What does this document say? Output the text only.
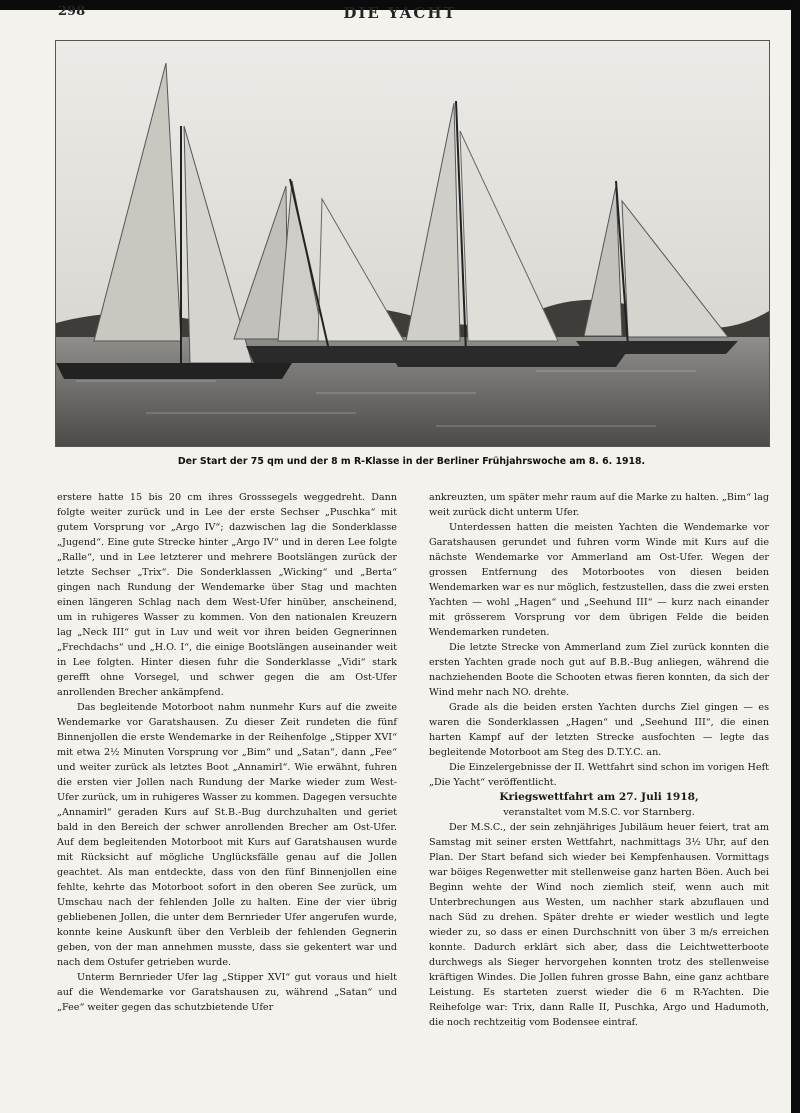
298	DIE YACHT
Der Start der 75 qm und der 8 m R-Klasse in der Berliner Frühjahrswoche am 8. 6. 1918.

erstere hatte 15 bis 20 cm ihres Grosssegels weggedreht. Dann folgte weiter zurück und in Lee der erste Sechser „Puschka“ mit gutem Vorsprung vor „Argo IV“; dazwischen lag die Sonderklasse „Jugend“. Eine gute Strecke hinter „Argo IV“ und in deren Lee folgte „Ralle“, und in Lee letzterer und mehrere Bootslängen zurück der letzte Sechser „Trix“. Die Sonderklassen „Wicking“ und „Berta“ gingen nach Rundung der Wendemarke über Stag und machten einen längeren Schlag nach dem West-Ufer hinüber, anscheinend, um in ruhigeres Wasser zu kommen. Von den nationalen Kreuzern lag „Neck III“ gut in Luv und weit vor ihren beiden Gegnerinnen „Frechdachs“ und „H.O. I“, die einige Bootslängen auseinander weit in Lee folgten. Hinter diesen fuhr die Sonderklasse „Vidi“ stark gerefft ohne Vorsegel, und schwer gegen die am Ost-Ufer anrollenden Brecher ankämpfend.

Das begleitende Motorboot nahm nunmehr Kurs auf die zweite Wendemarke vor Garatshausen. Zu dieser Zeit rundeten die fünf Binnenjollen die erste Wendemarke in der Reihenfolge „Stipper XVI“ mit etwa 2½ Minuten Vorsprung vor „Bim“ und „Satan“, dann „Fee“ und weiter zurück als letztes Boot „Annamirl“. Wie erwähnt, fuhren die ersten vier Jollen nach Rundung der Marke wieder zum West-Ufer zurück, um in ruhigeres Wasser zu kommen. Dagegen versuchte „Annamirl“ geraden Kurs auf St.B.-Bug durchzuhalten und geriet bald in den Bereich der schwer anrollenden Brecher am Ost-Ufer. Auf dem begleitenden Motorboot mit Kurs auf Garatshausen wurde mit Rücksicht auf mögliche Unglücksfälle genau auf die Jollen geachtet. Als man entdeckte, dass von den fünf Binnenjollen eine fehlte, kehrte das Motorboot sofort in den oberen See zurück, um Umschau nach der fehlenden Jolle zu halten. Eine der vier übrig gebliebenen Jollen, die unter dem Bernrieder Ufer angerufen wurde, konnte keine Auskunft über den Verbleib der fehlenden Gegnerin geben, von der man annehmen musste, dass sie gekentert war und nach dem Ostufer getrieben wurde.

Unterm Bernrieder Ufer lag „Stipper XVI“ gut voraus und hielt auf die Wendemarke vor Garatshausen zu, während „Satan“ und „Fee“ weiter gegen das schutzbietende Ufer

ankreuzten, um später mehr raum auf die Marke zu halten. „Bim“ lag weit zurück dicht unterm Ufer.

Unterdessen hatten die meisten Yachten die Wendemarke vor Garatshausen gerundet und fuhren vorm Winde mit Kurs auf die nächste Wendemarke vor Ammerland am Ost-Ufer. Wegen der grossen Entfernung des Motorbootes von diesen beiden Wendemarken war es nur möglich, festzustellen, dass die zwei ersten Yachten — wohl „Hagen“ und „Seehund III“ — kurz nach einander mit grösserem Vorsprung vor dem übrigen Felde die beiden Wendemarken rundeten.

Die letzte Strecke von Ammerland zum Ziel zurück konnten die ersten Yachten grade noch gut auf B.B.-Bug anliegen, während die nachziehenden Boote die Schooten etwas fieren konnten, da sich der Wind mehr nach NO. drehte.

Grade als die beiden ersten Yachten durchs Ziel gingen — es waren die Sonderklassen „Hagen“ und „Seehund III“, die einen harten Kampf auf der letzten Strecke ausfochten — legte das begleitende Motorboot am Steg des D.T.Y.C. an.

Die Einzelergebnisse der II. Wettfahrt sind schon im vorigen Heft „Die Yacht“ veröffentlicht.

Kriegswettfahrt am 27. Juli 1918,
veranstaltet vom M.S.C. vor Starnberg.

Der M.S.C., der sein zehnjähriges Jubiläum heuer feiert, trat am Samstag mit seiner ersten Wettfahrt, nachmittags 3½ Uhr, auf den Plan. Der Start befand sich wieder bei Kempfenhausen. Vormittags war böiges Regenwetter mit stellenweise ganz harten Böen. Auch bei Beginn wehte der Wind noch ziemlich steif, wenn auch mit Unterbrechungen aus Westen, um nachher stark abzuflauen und nach Süd zu drehen. Später drehte er wieder westlich und legte wieder zu, so dass er einen Durchschnitt von über 3 m/s erreichen konnte. Dadurch erklärt sich aber, dass die Leichtwetterboote durchwegs als Sieger hervorgehen konnten trotz des stellenweise kräftigen Windes. Die Jollen fuhren grosse Bahn, eine ganz achtbare Leistung. Es starteten zuerst wieder die 6 m R-Yachten. Die Reihefolge war: Trix, dann Ralle II, Puschka, Argo und Hadumoth, die noch rechtzeitig vom Bodensee eintraf.
